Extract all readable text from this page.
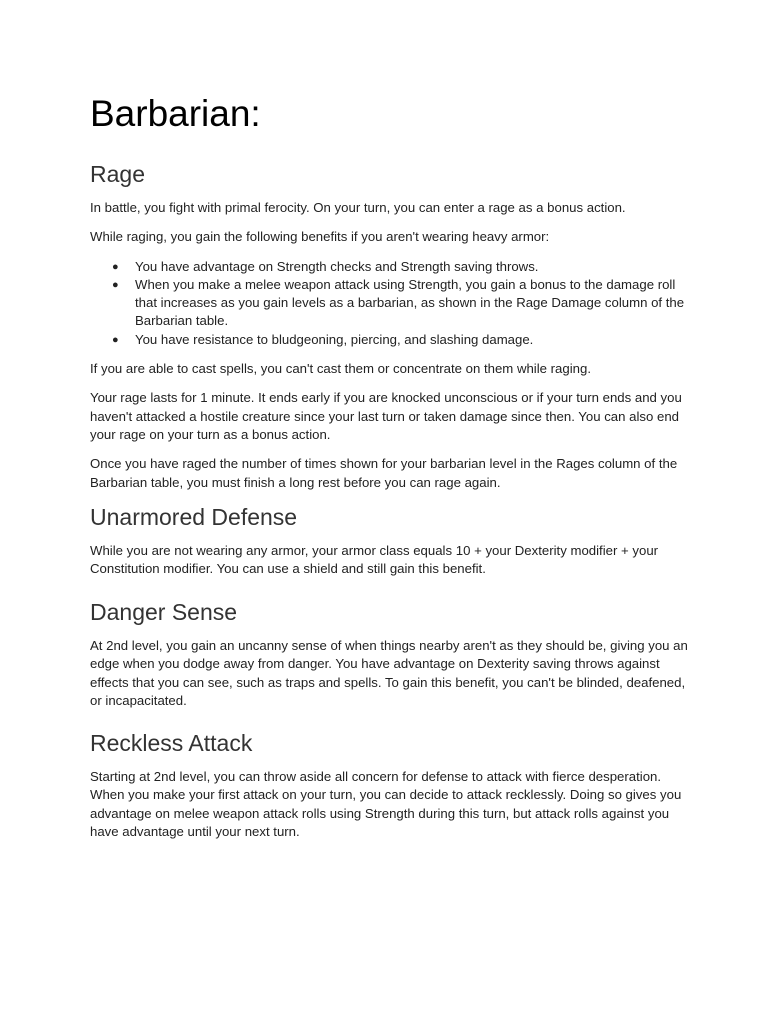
Barbarian:
Rage

In battle, you fight with primal ferocity. On your turn, you can enter a rage as a bonus action.

While raging, you gain the following benefits if you aren't wearing heavy armor:

● You have advantage on Strength checks and Strength saving throws.
● When you make a melee weapon attack using Strength, you gain a bonus to the damage roll that increases as you gain levels as a barbarian, as shown in the Rage Damage column of the Barbarian table.
● You have resistance to bludgeoning, piercing, and slashing damage.

If you are able to cast spells, you can't cast them or concentrate on them while raging.

Your rage lasts for 1 minute. It ends early if you are knocked unconscious or if your turn ends and you haven't attacked a hostile creature since your last turn or taken damage since then. You can also end your rage on your turn as a bonus action.

Once you have raged the number of times shown for your barbarian level in the Rages column of the Barbarian table, you must finish a long rest before you can rage again.

Unarmored Defense

While you are not wearing any armor, your armor class equals 10 + your Dexterity modifier + your Constitution modifier. You can use a shield and still gain this benefit.

Danger Sense

At 2nd level, you gain an uncanny sense of when things nearby aren't as they should be, giving you an edge when you dodge away from danger. You have advantage on Dexterity saving throws against effects that you can see, such as traps and spells. To gain this benefit, you can't be blinded, deafened, or incapacitated.

Reckless Attack

Starting at 2nd level, you can throw aside all concern for defense to attack with fierce desperation. When you make your first attack on your turn, you can decide to attack recklessly. Doing so gives you advantage on melee weapon attack rolls using Strength during this turn, but attack rolls against you have advantage until your next turn.
